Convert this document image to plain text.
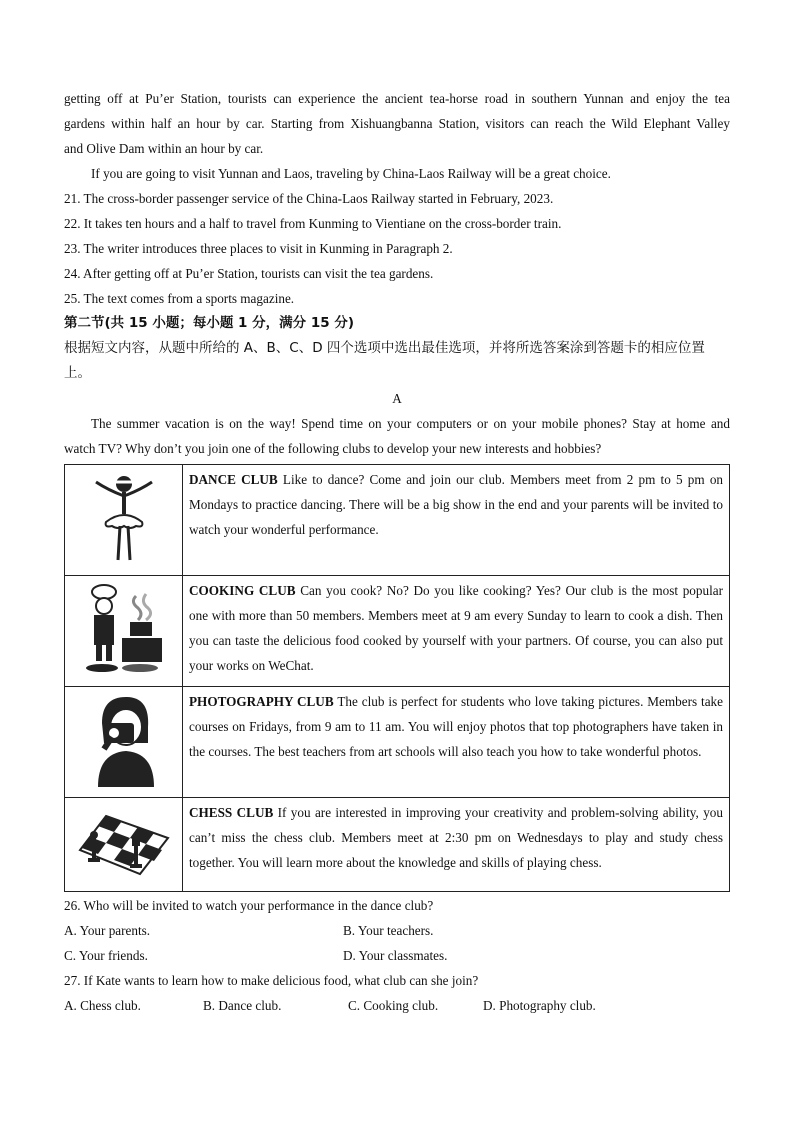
getting off at Pu’er Station, tourists can experience the ancient tea-horse road in southern Yunnan and enjoy the tea
gardens within half an hour by car. Starting from Xishuangbanna Station, visitors can reach the Wild Elephant Valley
and Olive Dam within an hour by car.
If you are going to visit Yunnan and Laos, traveling by China-Laos Railway will be a great choice.
21. The cross-border passenger service of the China-Laos Railway started in February, 2023.
22. It takes ten hours and a half to travel from Kunming to Vientiane on the cross-border train.
23. The writer introduces three places to visit in Kunming in Paragraph 2.
24. After getting off at Pu’er Station, tourists can visit the tea gardens.
25. The text comes from a sports magazine.
第二节(共 15 小题；每小题 1 分，满分 15 分)
根据短文内容，从题中所给的 A、B、C、D 四个选项中选出最佳选项，并将所选答案涂到答题卡的相应位置
上。
A
The summer vacation is on the way! Spend time on your computers or on your mobile phones? Stay at home and
watch TV? Why don’t you join one of the following clubs to develop your new interests and hobbies?
	DANCE CLUB Like to dance? Come and join our club. Members meet from 2 pm to 5 pm on Mondays to practice dancing. There will be a big show in the end and your parents will be invited to watch your wonderful performance.
	COOKING CLUB Can you cook? No? Do you like cooking? Yes? Our club is the most popular one with more than 50 members. Members meet at 9 am every Sunday to learn to cook a dish. Then you can taste the delicious food cooked by yourself with your partners. Of course, you can also put your works on WeChat.
	PHOTOGRAPHY CLUB The club is perfect for students who love taking pictures. Members take courses on Fridays, from 9 am to 11 am. You will enjoy photos that top photographers have taken in the courses. The best teachers from art schools will also teach you how to take wonderful photos.
	CHESS CLUB If you are interested in improving your creativity and problem-solving ability, you can’t miss the chess club. Members meet at 2:30 pm on Wednesdays to play and study chess together. You will learn more about the knowledge and skills of playing chess.
26. Who will be invited to watch your performance in the dance club?
A. Your parents.	B. Your teachers.
C. Your friends.	D. Your classmates.
27. If Kate wants to learn how to make delicious food, what club can she join?
A. Chess club.	B. Dance club.	C. Cooking club.	D. Photography club.
